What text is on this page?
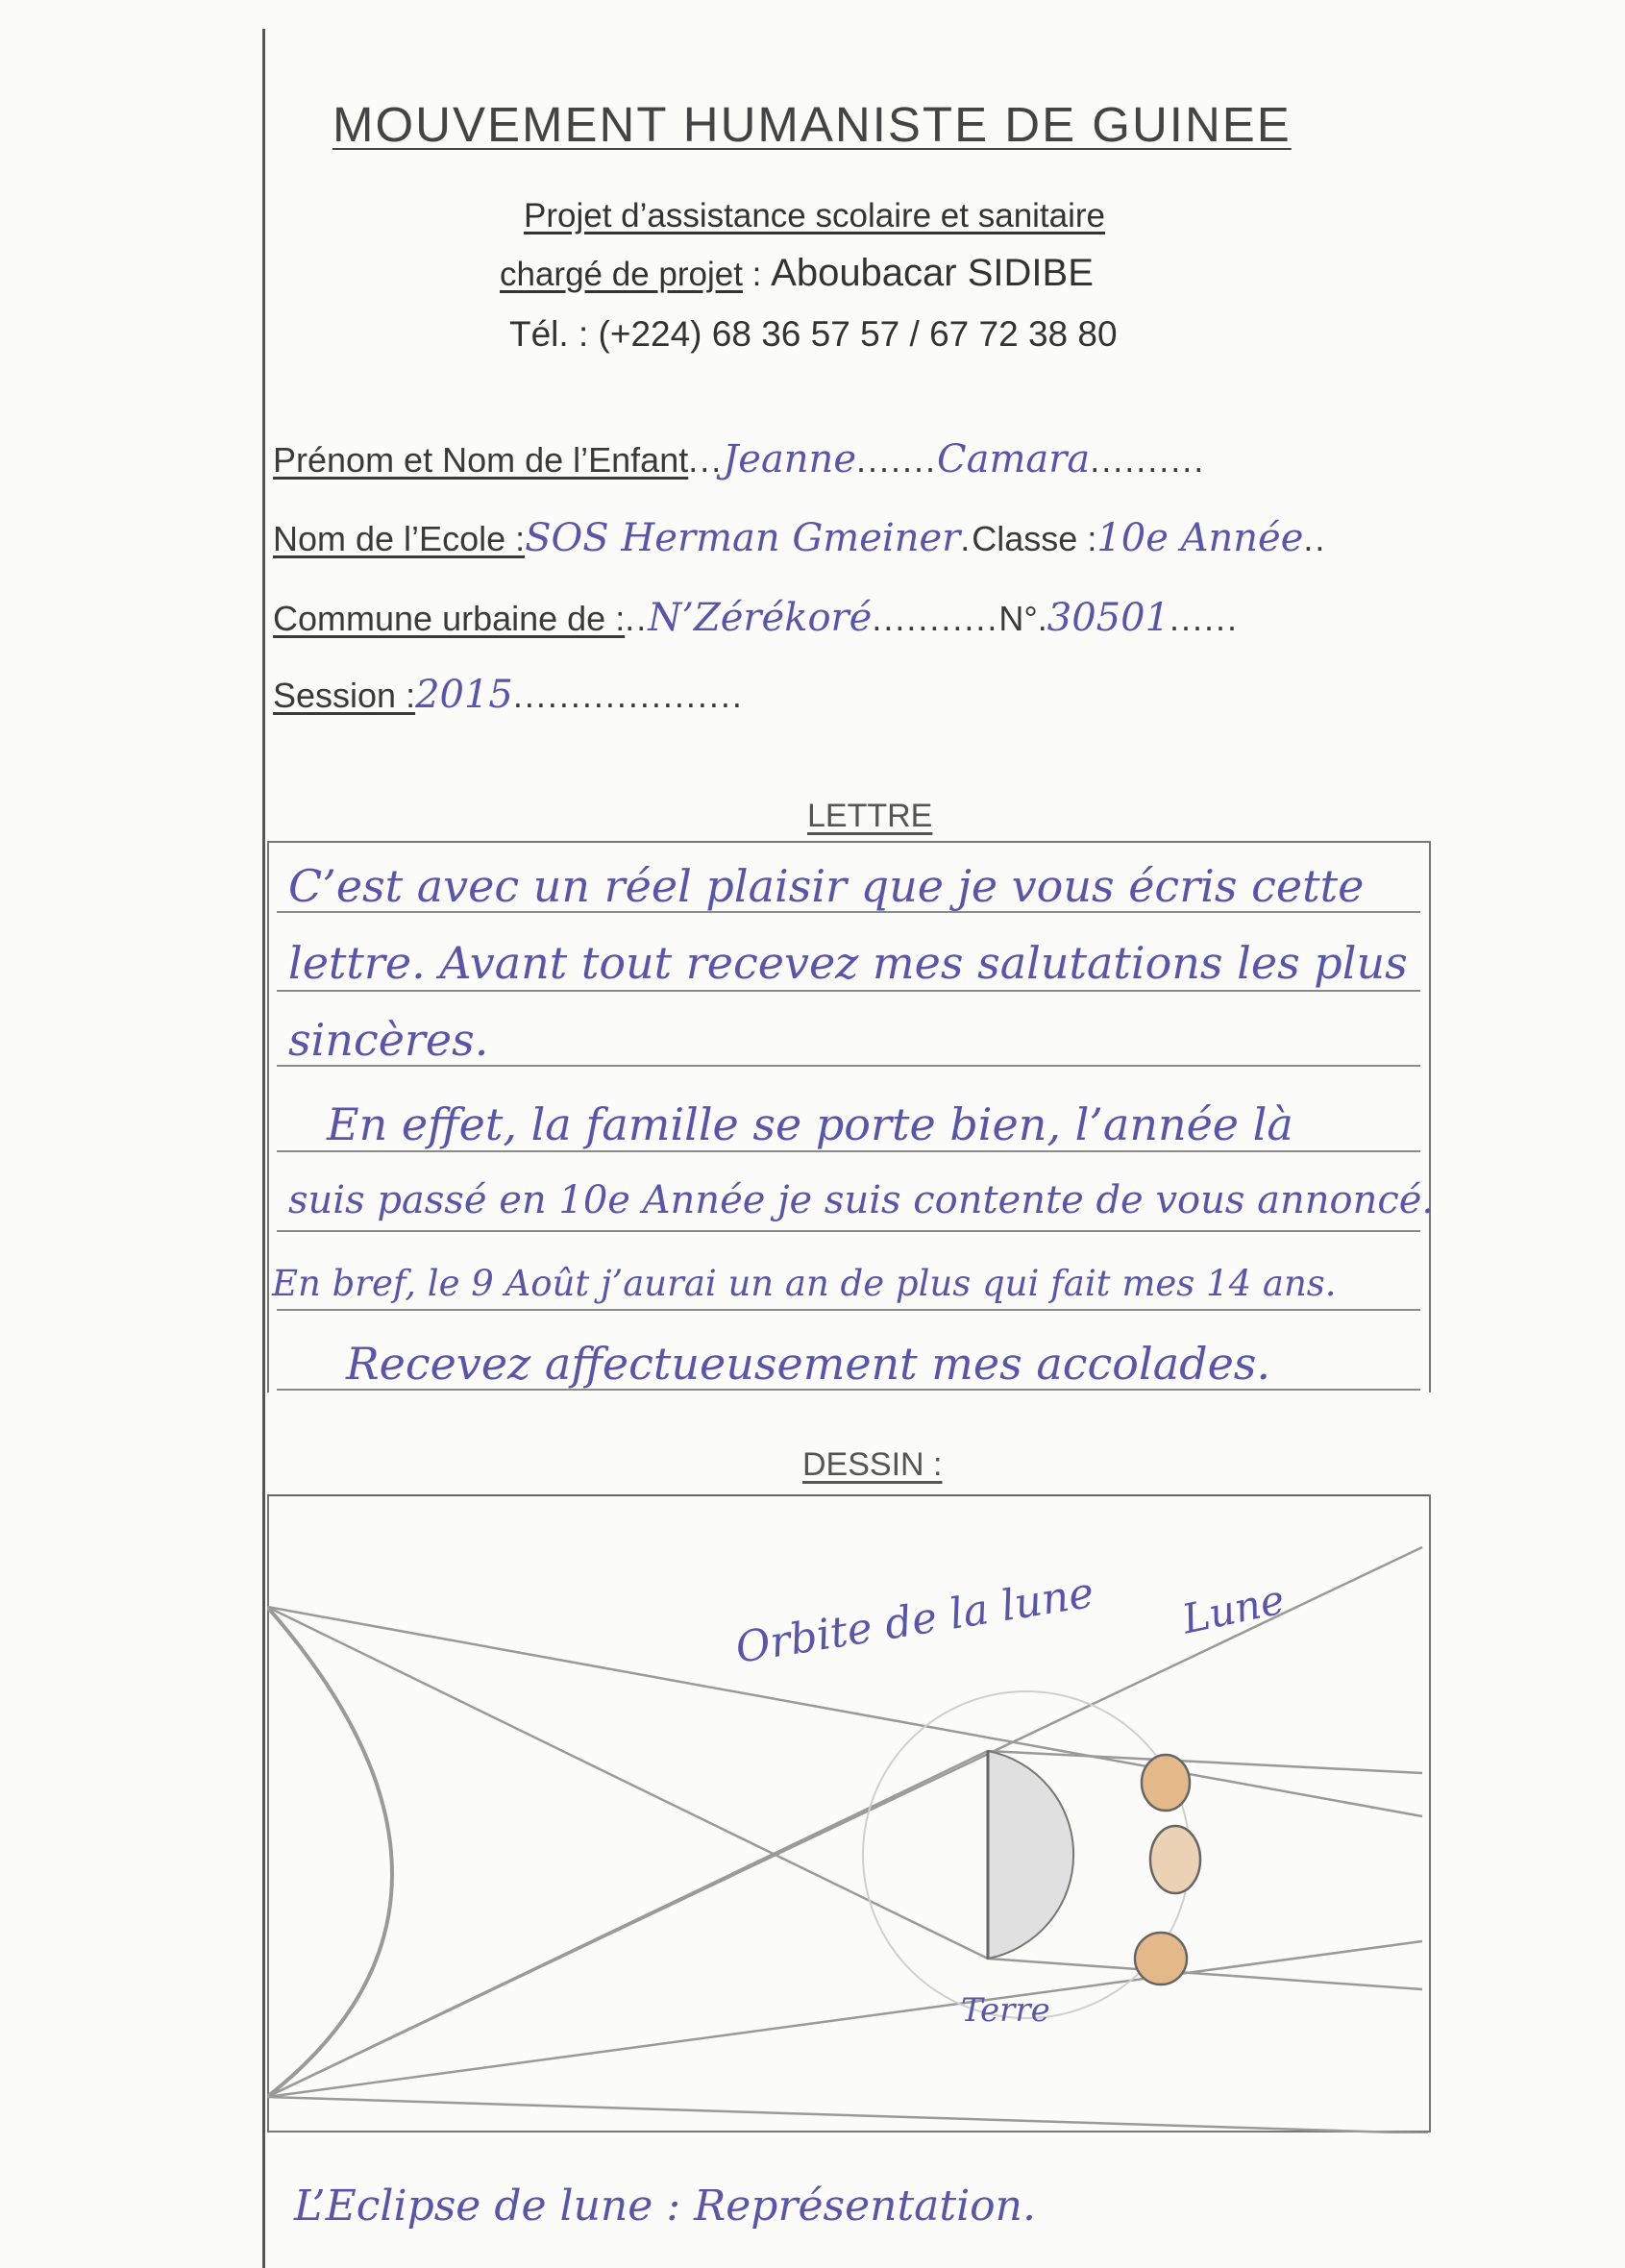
MOUVEMENT HUMANISTE DE GUINEE
Projet d’assistance scolaire et sanitaire
chargé de projet : Aboubacar SIDIBE
Tél. : (+224) 68 36 57 57 / 67 72 38 80
Prénom et Nom de l’Enfant...Jeanne.......Camara..........
Nom de l’Ecole :SOS Herman Gmeiner.Classe :10e Année..
Commune urbaine de :..N’Zérékoré...........N°.30501......
Session :2015....................
LETTRE
C’est avec un réel plaisir que je vous écris cette
lettre. Avant tout recevez mes salutations les plus
sincères.
En effet, la famille se porte bien, l’année là
suis passé en 10e Année je suis contente de vous annoncé.
En bref, le 9 Août j’aurai un an de plus qui fait mes 14 ans.
Recevez affectueusement mes accolades.
DESSIN :
Orbite de la lune Lune
Terre
L’Eclipse de lune : Représentation.
